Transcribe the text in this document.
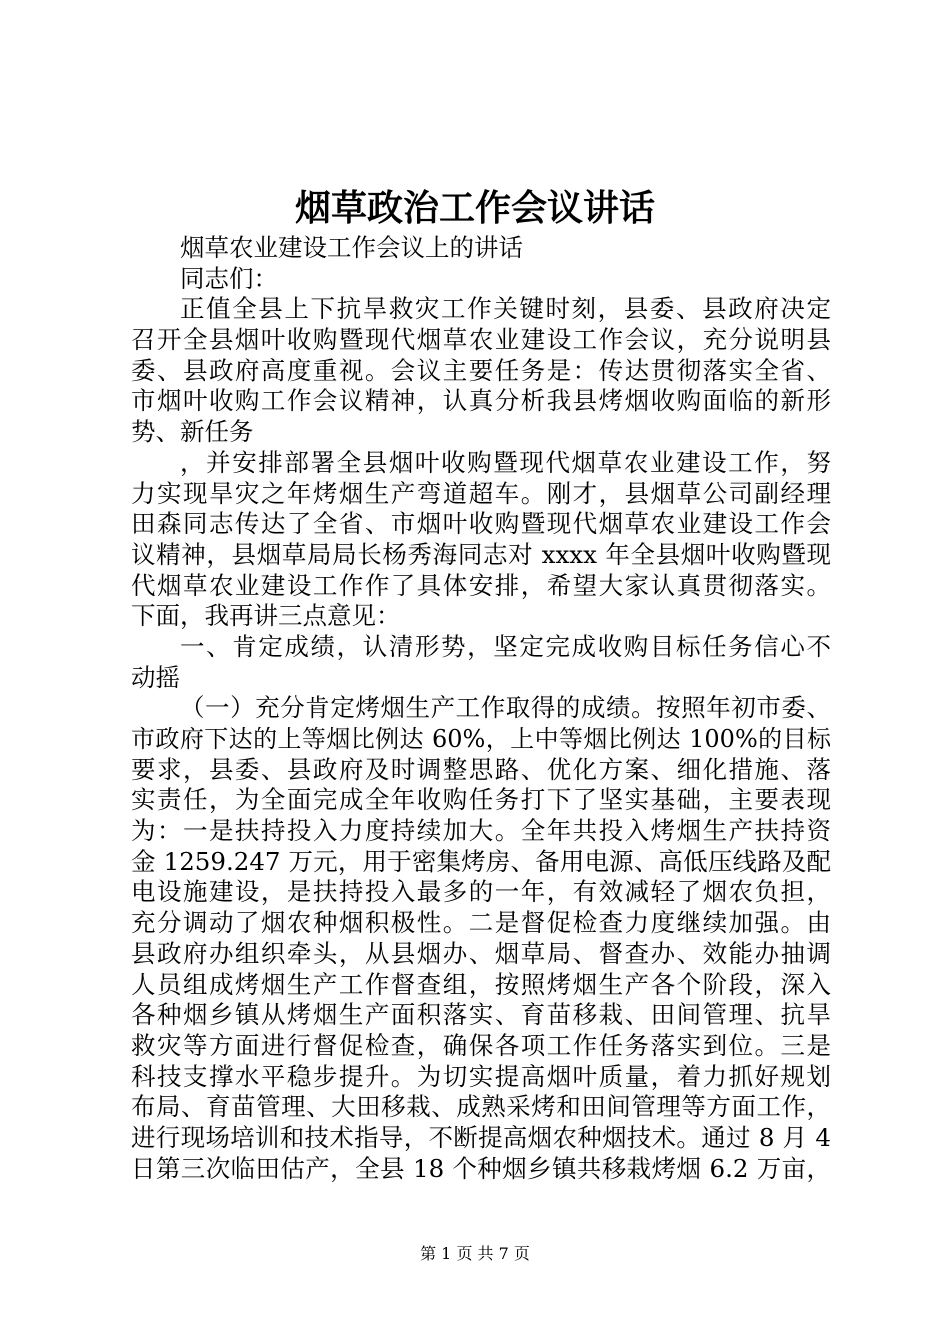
烟草政治工作会议讲话
烟草农业建设工作会议上的讲话
同志们：
正值全县上下抗旱救灾工作关键时刻，县委、县政府决定
召开全县烟叶收购暨现代烟草农业建设工作会议，充分说明县
委、县政府高度重视。会议主要任务是：传达贯彻落实全省、
市烟叶收购工作会议精神，认真分析我县烤烟收购面临的新形
势、新任务
，并安排部署全县烟叶收购暨现代烟草农业建设工作，努
力实现旱灾之年烤烟生产弯道超车。刚才，县烟草公司副经理
田森同志传达了全省、市烟叶收购暨现代烟草农业建设工作会
议精神，县烟草局局长杨秀海同志对 xxxx 年全县烟叶收购暨现
代烟草农业建设工作作了具体安排，希望大家认真贯彻落实。
下面，我再讲三点意见：
一、肯定成绩，认清形势，坚定完成收购目标任务信心不
动摇
（一）充分肯定烤烟生产工作取得的成绩。按照年初市委、
市政府下达的上等烟比例达 60%，上中等烟比例达 100%的目标
要求，县委、县政府及时调整思路、优化方案、细化措施、落
实责任，为全面完成全年收购任务打下了坚实基础，主要表现
为：一是扶持投入力度持续加大。全年共投入烤烟生产扶持资
金 1259.247 万元，用于密集烤房、备用电源、高低压线路及配
电设施建设，是扶持投入最多的一年，有效减轻了烟农负担，
充分调动了烟农种烟积极性。二是督促检查力度继续加强。由
县政府办组织牵头，从县烟办、烟草局、督查办、效能办抽调
人员组成烤烟生产工作督查组，按照烤烟生产各个阶段，深入
各种烟乡镇从烤烟生产面积落实、育苗移栽、田间管理、抗旱
救灾等方面进行督促检查，确保各项工作任务落实到位。三是
科技支撑水平稳步提升。为切实提高烟叶质量，着力抓好规划
布局、育苗管理、大田移栽、成熟采烤和田间管理等方面工作，
进行现场培训和技术指导，不断提高烟农种烟技术。通过 8 月 4
日第三次临田估产，全县 18 个种烟乡镇共移栽烤烟 6.2 万亩，
第 1 页 共 7 页
